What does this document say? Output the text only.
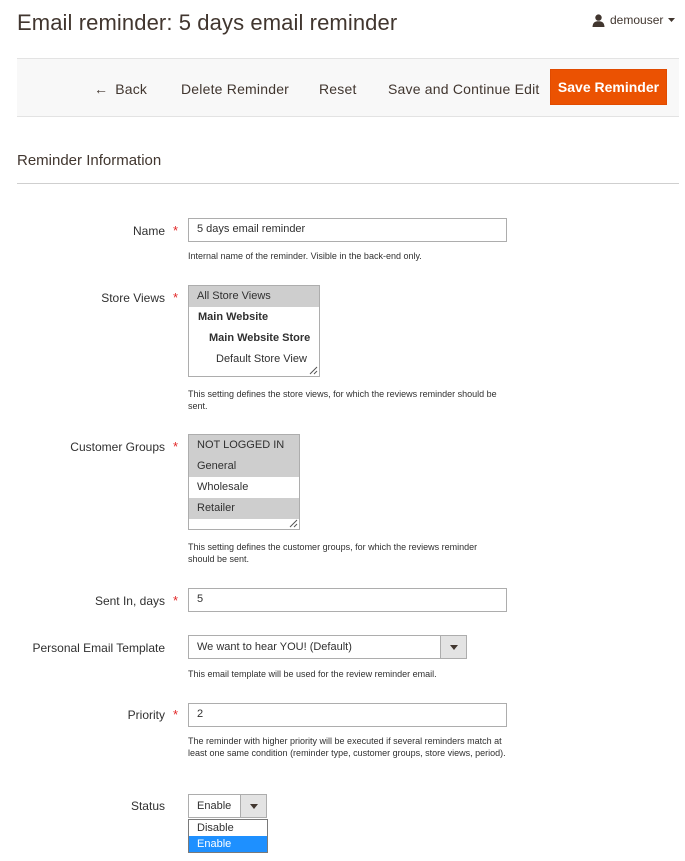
Email reminder: 5 days email reminder	demouser
← Back Delete Reminder Reset Save and Continue Edit	Save Reminder
Reminder Information
Name *	5 days email reminder
Internal name of the reminder. Visible in the back-end only.
Store Views *	All Store Views
Main Website
Main Website Store
Default Store View
This setting defines the store views, for which the reviews reminder should be sent.
Customer Groups *	NOT LOGGED IN
General
Wholesale
Retailer
This setting defines the customer groups, for which the reviews reminder should be sent.
Sent In, days *	5
Personal Email Template	We want to hear YOU! (Default)
This email template will be used for the review reminder email.
Priority *	2
The reminder with higher priority will be executed if several reminders match at least one same condition (reminder type, customer groups, store views, period).
Status	Enable
Disable
Enable
